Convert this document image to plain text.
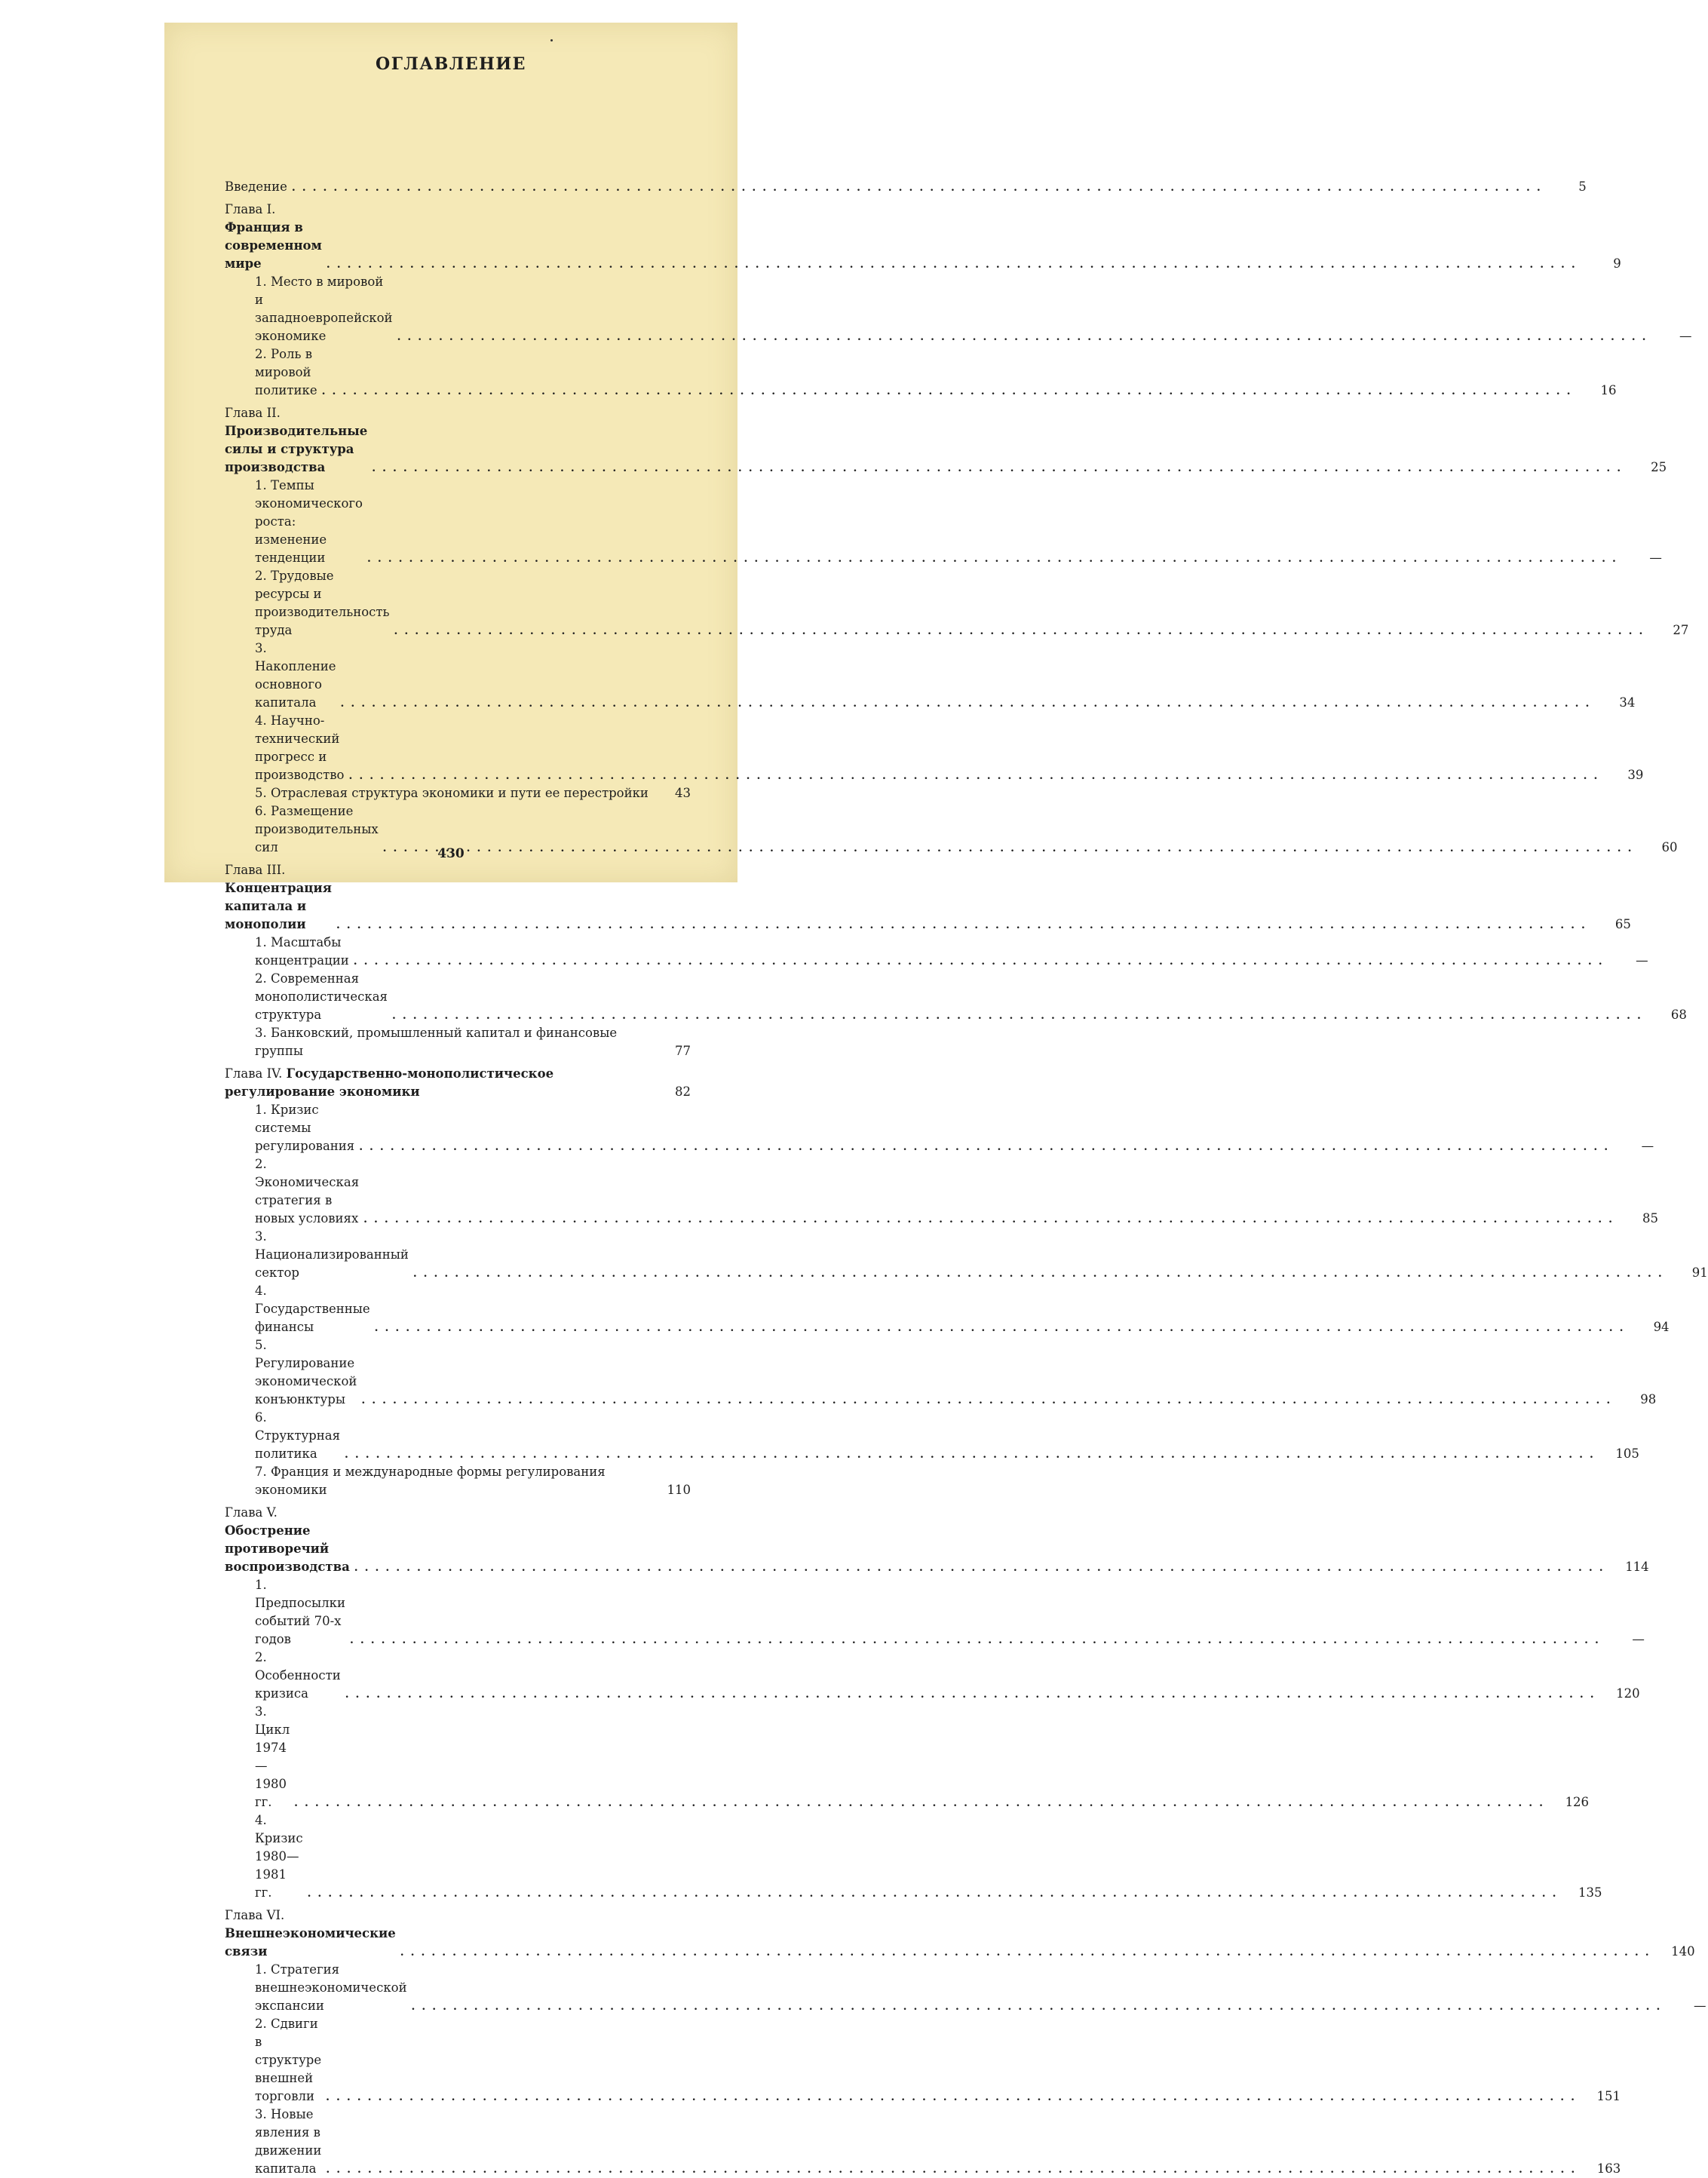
ОГЛАВЛЕНИЕ
Введение .....	5
Глава I. Франция в современном мире .....	9
1. Место в мировой и западноевропейской экономике .....	—
2. Роль в мировой политике .....	16
Глава II. Производительные силы и структура производства .....	25
1. Темпы экономического роста: изменение тенденции .....	—
2. Трудовые ресурсы и производительность труда .....	27
3. Накопление основного капитала .....	34
4. Научно-технический прогресс и производство .....	39
5. Отраслевая структура экономики и пути ее перестройки	43
6. Размещение производительных сил .....	60
Глава III. Концентрация капитала и монополии .....	65
1. Масштабы концентрации .....	—
2. Современная монополистическая структура .....	68
3. Банковский, промышленный капитал и финансовые группы	77
Глава IV. Государственно-монополистическое регулирование экономики	82
1. Кризис системы регулирования .....	—
2. Экономическая стратегия в новых условиях .....	85
3. Национализированный сектор .....	91
4. Государственные финансы .....	94
5. Регулирование экономической конъюнктуры .....	98
6. Структурная политика .....	105
7. Франция и международные формы регулирования экономики	110
Глава V. Обострение противоречий воспроизводства .....	114
1. Предпосылки событий 70-х годов .....	—
2. Особенности кризиса .....	120
3. Цикл 1974—1980 гг. .....	126
4. Кризис 1980—1981 гг. .....	135
Глава VI. Внешнеэкономические связи .....	140
1. Стратегия внешнеэкономической экспансии .....	—
2. Сдвиги в структуре внешней торговли .....	151
3. Новые явления в движении капитала .....	163
430
